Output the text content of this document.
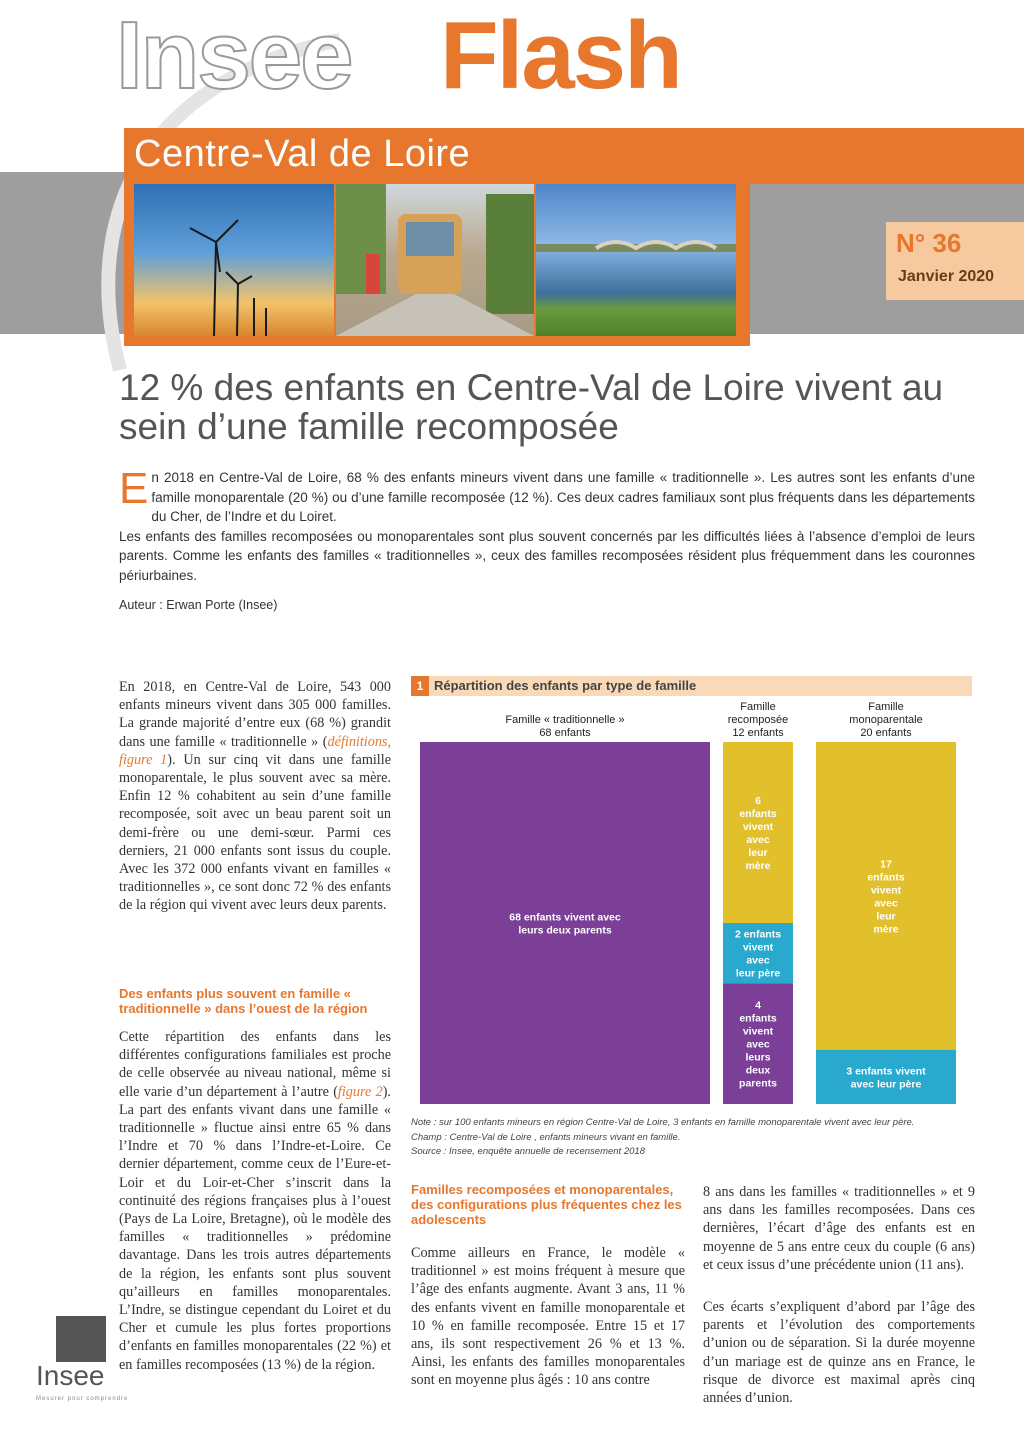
Insee Flash
Centre-Val de Loire
N° 36
Janvier 2020
12 % des enfants en Centre-Val de Loire vivent au sein d’une famille recomposée
E n 2018 en Centre-Val de Loire, 68 % des enfants mineurs vivent dans une famille « traditionnelle ». Les autres sont les enfants d’une famille monoparentale (20 %) ou d’une famille recomposée (12 %). Ces deux cadres familiaux sont plus fréquents dans les départements du Cher, de l’Indre et du Loiret.

Les enfants des familles recomposées ou monoparentales sont plus souvent concernés par les difficultés liées à l’absence d’emploi de leurs parents. Comme les enfants des familles « traditionnelles », ceux des familles recomposées résident plus fréquemment dans les couronnes périurbaines.

Auteur : Erwan Porte (Insee)
En 2018, en Centre-Val de Loire, 543 000 enfants mineurs vivent dans 305 000 familles. La grande majorité d’entre eux (68 %) grandit dans une famille « traditionnelle » (définitions, figure 1). Un sur cinq vit dans une famille monoparentale, le plus souvent avec sa mère. Enfin 12 % cohabitent au sein d’une famille recomposée, soit avec un beau parent soit un demi-frère ou une demi-sœur. Parmi ces derniers, 21 000 enfants sont issus du couple. Avec les 372 000 enfants vivant en familles « traditionnelles », ce sont donc 72 % des enfants de la région qui vivent avec leurs deux parents.
Des enfants plus souvent en famille « traditionnelle » dans l’ouest de la région
Cette répartition des enfants dans les différentes configurations familiales est proche de celle observée au niveau national, même si elle varie d’un département à l’autre (figure 2). La part des enfants vivant dans une famille « traditionnelle » fluctue ainsi entre 65 % dans l’Indre et 70 % dans l’Indre-et-Loire. Ce dernier département, comme ceux de l’Eure-et-Loir et du Loir-et-Cher s’inscrit dans la continuité des régions françaises plus à l’ouest (Pays de La Loire, Bretagne), où le modèle des familles « traditionnelles » prédomine davantage. Dans les trois autres départements de la région, les enfants sont plus souvent qu’ailleurs en familles monoparentales. L’Indre, se distingue cependant du Loiret et du Cher et cumule les plus fortes proportions d’enfants en familles monoparentales (22 %) et en familles recomposées (13 %) de la région.
1 Répartition des enfants par type de famille
Famille « traditionnelle »
68 enfants
68 enfants vivent avec
leurs deux parents
Famille
recomposée
12 enfants
6
enfants
vivent
avec
leur
mère
2 enfants
vivent
avec
leur père
4
enfants
vivent
avec
leurs
deux
parents
Famille
monoparentale
20 enfants
17
enfants
vivent
avec
leur
mère
3 enfants vivent
avec leur père
Note : sur 100 enfants mineurs en région Centre-Val de Loire, 3 enfants en famille monoparentale vivent avec leur père.
Champ : Centre-Val de Loire , enfants mineurs vivant en famille.
Source : Insee, enquête annuelle de recensement 2018
Familles recomposées et monoparentales, des configurations plus fréquentes chez les adolescents
Comme ailleurs en France, le modèle « traditionnel » est moins fréquent à mesure que l’âge des enfants augmente. Avant 3 ans, 11 % des enfants vivent en famille monoparentale et 10 % en famille recomposée. Entre 15 et 17 ans, ils sont respectivement 26 % et 13 %. Ainsi, les enfants des familles monoparentales sont en moyenne plus âgés : 10 ans contre
8 ans dans les familles « traditionnelles » et 9 ans dans les familles recomposées. Dans ces dernières, l’écart d’âge des enfants est en moyenne de 5 ans entre ceux du couple (6 ans) et ceux issus d’une précédente union (11 ans).
Ces écarts s’expliquent d’abord par l’âge des parents et l’évolution des comportements d’union ou de séparation. Si la durée moyenne d’un mariage est de quinze ans en France, le risque de divorce est maximal après cinq années d’union.
Insee
Mesurer pour comprendre
